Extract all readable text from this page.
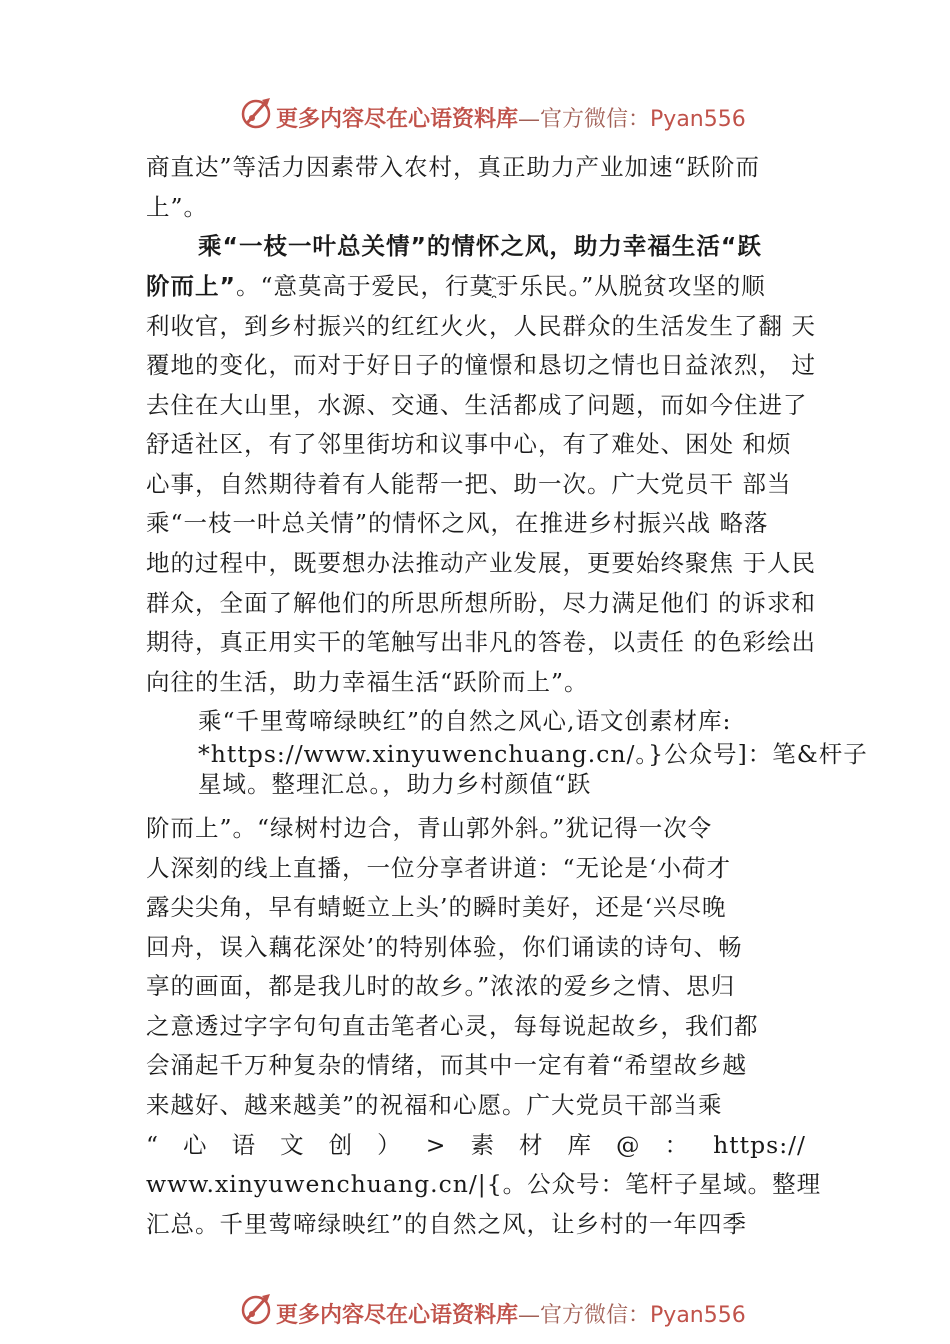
更多内容尽在心语资料库—官方微信：Pyan556
商直达”等活力因素带入农村，真正助力产业加速“跃阶而
上”。
乘“一枝一叶总关情”的情怀之风，助力幸福生活“跃
阶而上”。“意莫高于爱民，行莫҈于乐民。”从脱贫攻坚的顺
利收官，到乡村振兴的红红火火，人民群众的生活发生了翻 天
覆地的变化，而对于好日子的憧憬和恳切之情也日益浓烈， 过
去住在大山里，水源、交通、生活都成了问题，而如今住进了
舒适社区，有了邻里街坊和议事中心，有了难处、困处 和烦
心事，自然期待着有人能帮一把、助一次。广大党员干 部当
乘“一枝一叶总关情”的情怀之风，在推进乡村振兴战 略落
地的过程中，既要想办法推动产业发展，更要始终聚焦 于人民
群众，全面了解他们的所思所想所盼，尽力满足他们 的诉求和
期待，真正用实干的笔触写出非凡的答卷，以责任 的色彩绘出
向往的生活，助力幸福生活“跃阶而上”。
乘“千里莺啼绿映红”的自然之风心,语文创素材库:
*https://www.xinyuwenchuang.cn/。}公众号]：笔&杆子
星域。整理汇总。，助力乡村颜值“跃
阶而上”。“绿树村边合，青山郭外斜。”犹记得一次令
人深刻的线上直播，一位分享者讲道：“无论是‘小荷才
露尖尖角，早有蜻蜓立上头’的瞬时美好，还是‘兴尽晚
回舟，误入藕花深处’的特别体验，你们诵读的诗句、畅
享的画面，都是我儿时的故乡。”浓浓的爱乡之情、思归
之意透过字字句句直击笔者心灵，每每说起故乡，我们都
会涌起千万种复杂的情绪，而其中一定有着“希望故乡越
来越好、越来越美”的祝福和心愿。广大党员干部当乘
“ 心 语 文 创 ） > 素 材 库 @ ： https://
www.xinyuwenchuang.cn/|{。公众号：笔杆子星域。整理
汇总。千里莺啼绿映红”的自然之风，让乡村的一年四季
更多内容尽在心语资料库—官方微信：Pyan556
